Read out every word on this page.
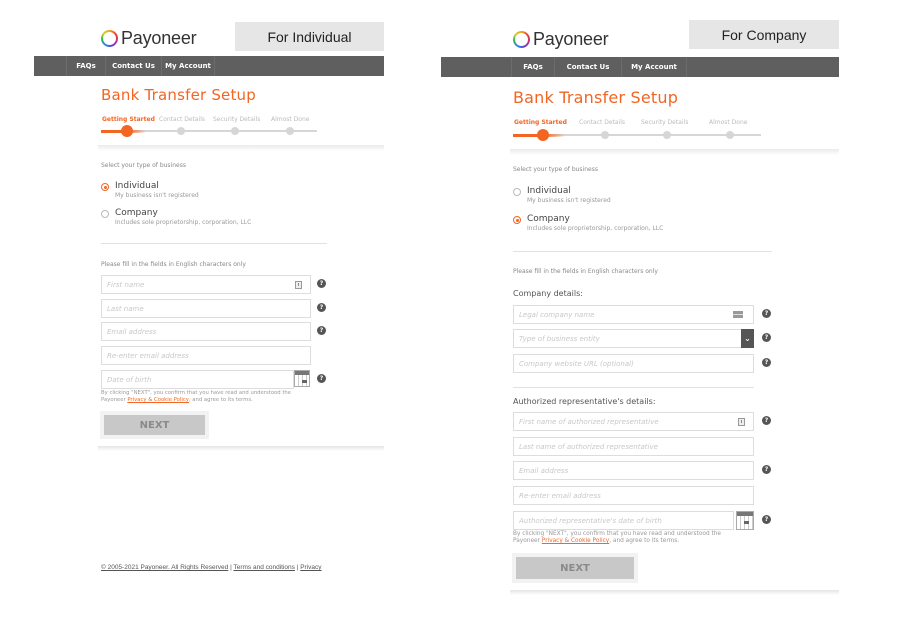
Payoneer	For Individual
FAQs	Contact Us	My Account
Bank Transfer Setup
Getting Started Contact Details Security Details Almost Done
Select your type of business
Individual
My business isn't registered
Company
Includes sole proprietorship, corporation, LLC
Please fill in the fields in English characters only
First name
?
Last name
?
Email address
?
Re-enter email address
Date of birth
?
By clicking "NEXT", you confirm that you have read and understood the Payoneer Privacy & Cookie Policy, and agree to its terms.
NEXT
© 2005-2021 Payoneer. All Rights Reserved | Terms and conditions | Privacy
Payoneer	For Company
FAQs	Contact Us	My Account
Bank Transfer Setup
Getting Started Contact Details	Security Details	Almost Done
Select your type of business
Individual
My business isn't registered
Company
Includes sole proprietorship, corporation, LLC
Please fill in the fields in English characters only
Company details:
Legal company name
?
Type of business entity
⌄	?
Company website URL (optional)
?
Authorized representative's details:
First name of authorized representative
?
Last name of authorized representative
Email address
?
Re-enter email address
Authorized representative's date of birth
?
By clicking "NEXT", you confirm that you have read and understood the Payoneer Privacy & Cookie Policy, and agree to its terms.
NEXT
